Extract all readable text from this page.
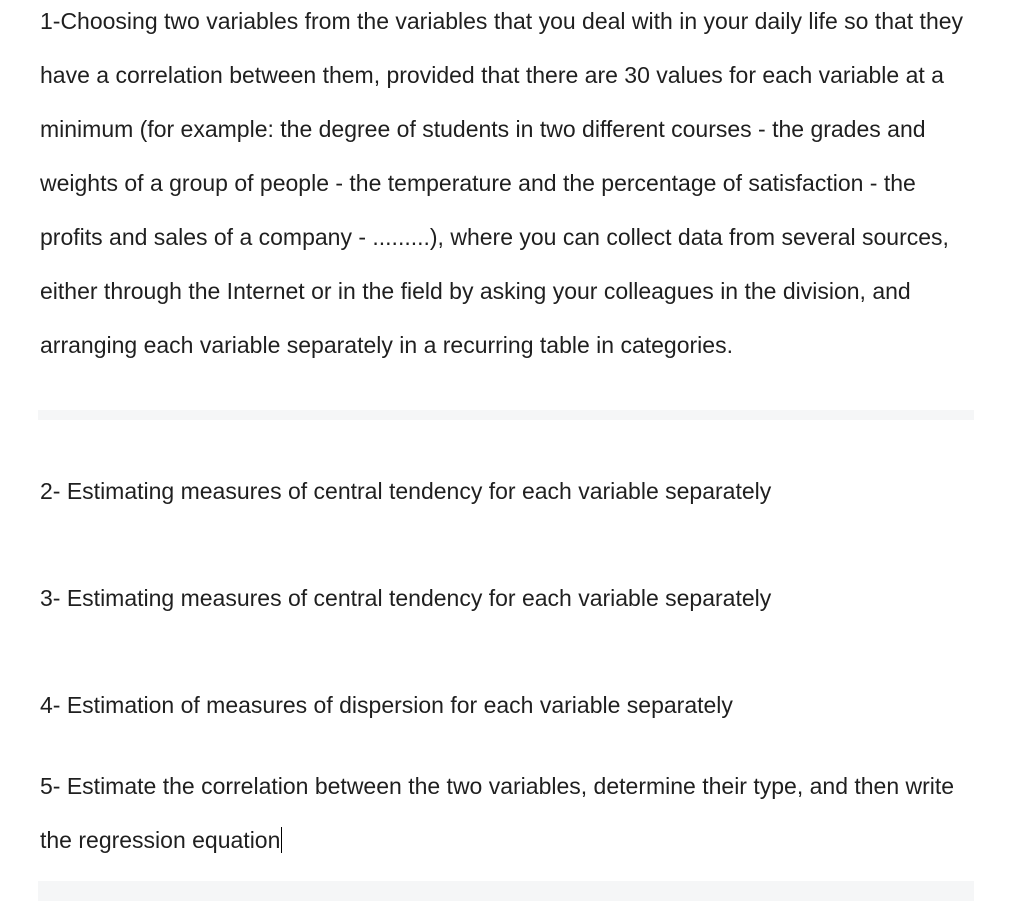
1-Choosing two variables from the variables that you deal with in your daily life so that they have a correlation between them, provided that there are 30 values for each variable at a minimum (for example: the degree of students in two different courses - the grades and weights of a group of people - the temperature and the percentage of satisfaction - the profits and sales of a company - .........), where you can collect data from several sources, either through the Internet or in the field by asking your colleagues in the division, and arranging each variable separately in a recurring table in categories.

2- Estimating measures of central tendency for each variable separately
3- Estimating measures of central tendency for each variable separately
4- Estimation of measures of dispersion for each variable separately

5- Estimate the correlation between the two variables, determine their type, and then write the regression equation
